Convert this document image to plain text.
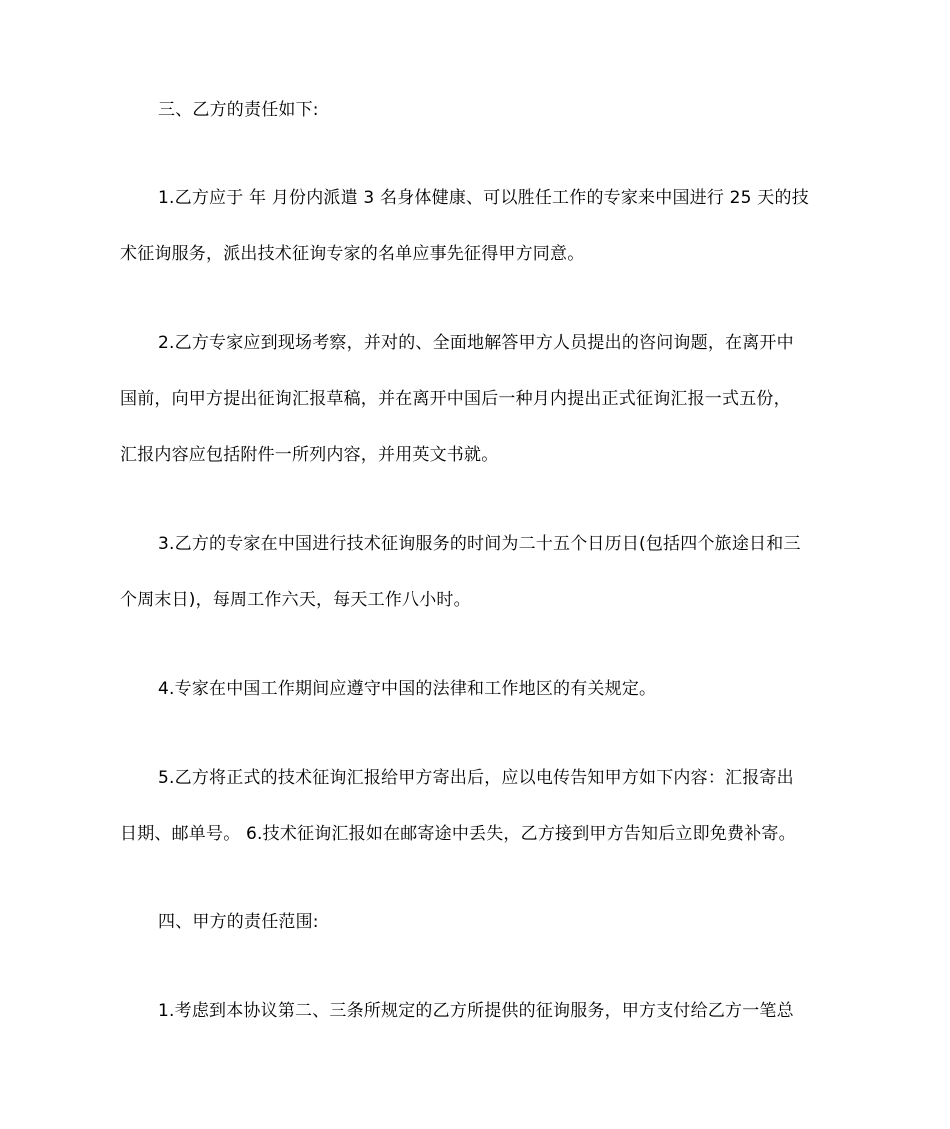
三、乙方的责任如下:
1.乙方应于 年 月份内派遣 3 名身体健康、可以胜任工作的专家来中国进行 25 天的技
术征询服务，派出技术征询专家的名单应事先征得甲方同意。
2.乙方专家应到现场考察，并对的、全面地解答甲方人员提出的咨问询题，在离开中
国前，向甲方提出征询汇报草稿，并在离开中国后一种月内提出正式征询汇报一式五份，
汇报内容应包括附件一所列内容，并用英文书就。
3.乙方的专家在中国进行技术征询服务的时间为二十五个日历日(包括四个旅途日和三
个周末日)，每周工作六天，每天工作八小时。
4.专家在中国工作期间应遵守中国的法律和工作地区的有关规定。
5.乙方将正式的技术征询汇报给甲方寄出后，应以电传告知甲方如下内容：汇报寄出
日期、邮单号。 6.技术征询汇报如在邮寄途中丢失，乙方接到甲方告知后立即免费补寄。
四、甲方的责任范围:
1.考虑到本协议第二、三条所规定的乙方所提供的征询服务，甲方支付给乙方一笔总
